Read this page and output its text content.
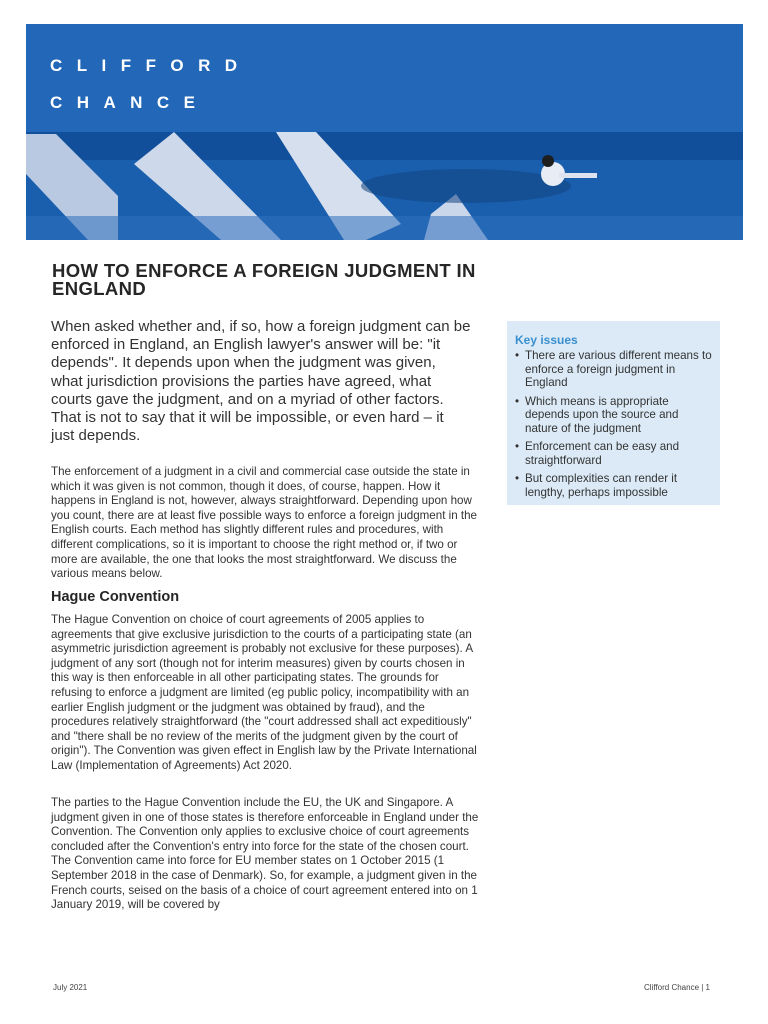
CLIFFORD
CHANCE
HOW TO ENFORCE A FOREIGN JUDGMENT IN ENGLAND

When asked whether and, if so, how a foreign judgment can be enforced in England, an English lawyer's answer will be: "it depends". It depends upon when the judgment was given, what jurisdiction provisions the parties have agreed, what courts gave the judgment, and on a myriad of other factors. That is not to say that it will be impossible, or even hard – it just depends.

The enforcement of a judgment in a civil and commercial case outside the state in which it was given is not common, though it does, of course, happen. How it happens in England is not, however, always straightforward. Depending upon how you count, there are at least five possible ways to enforce a foreign judgment in the English courts. Each method has slightly different rules and procedures, with different complications, so it is important to choose the right method or, if two or more are available, the one that looks the most straightforward. We discuss the various means below.

Hague Convention

The Hague Convention on choice of court agreements of 2005 applies to agreements that give exclusive jurisdiction to the courts of a participating state (an asymmetric jurisdiction agreement is probably not exclusive for these purposes). A judgment of any sort (though not for interim measures) given by courts chosen in this way is then enforceable in all other participating states. The grounds for refusing to enforce a judgment are limited (eg public policy, incompatibility with an earlier English judgment or the judgment was obtained by fraud), and the procedures relatively straightforward (the "court addressed shall act expeditiously" and "there shall be no review of the merits of the judgment given by the court of origin"). The Convention was given effect in English law by the Private International Law (Implementation of Agreements) Act 2020.

The parties to the Hague Convention include the EU, the UK and Singapore. A judgment given in one of those states is therefore enforceable in England under the Convention. The Convention only applies to exclusive choice of court agreements concluded after the Convention's entry into force for the state of the chosen court. The Convention came into force for EU member states on 1 October 2015 (1 September 2018 in the case of Denmark). So, for example, a judgment given in the French courts, seised on the basis of a choice of court agreement entered into on 1 January 2019, will be covered by

Key issues
• There are various different means to enforce a foreign judgment in England
• Which means is appropriate depends upon the source and nature of the judgment
• Enforcement can be easy and straightforward
• But complexities can render it lengthy, perhaps impossible
July 2021	Clifford Chance | 1
